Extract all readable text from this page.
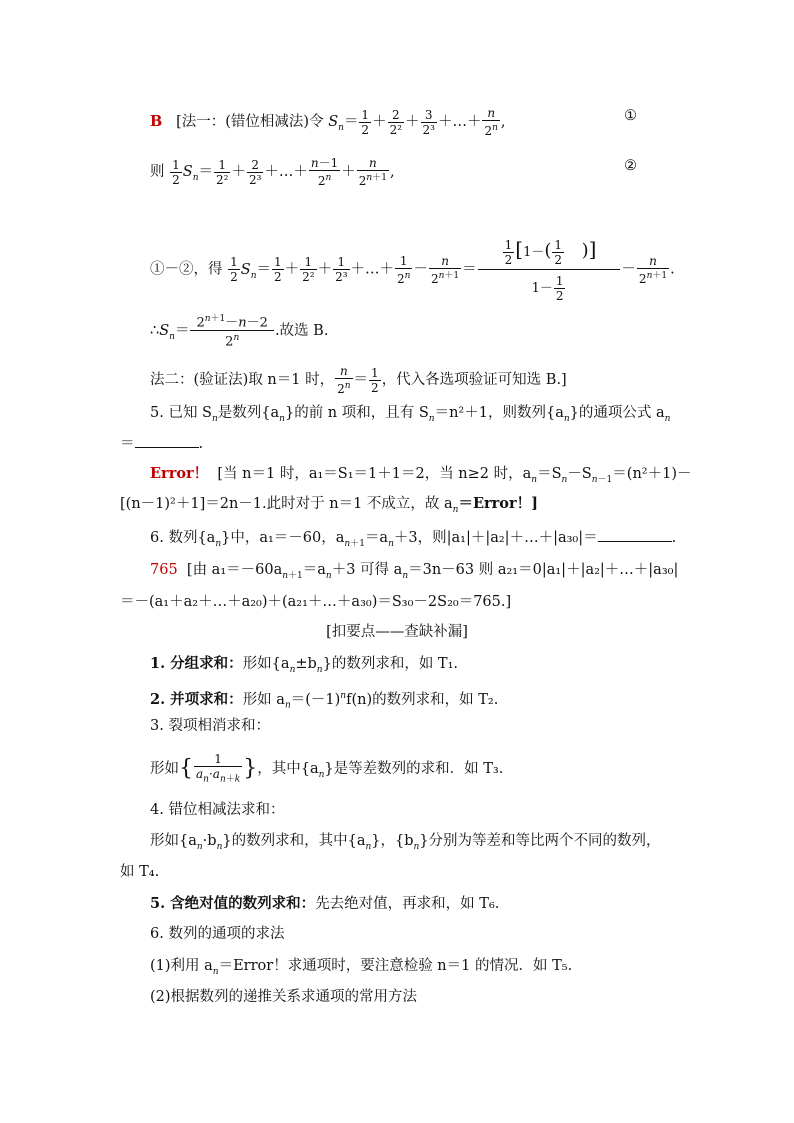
B [法一：(错位相减法)令 $S_n= \frac{1}{2} + \frac{2}{\text{2²}} + \frac{3}{\text{2³}}$ ＋…＋ $\frac{n}{2^n}$ ,	①
则 $\frac{1}{2} S_n= \frac{1}{\text{2²}} + \frac{2}{\text{2³}}$ ＋…＋ $\frac{n-1}{2^n} + \frac{n}{2^{n+1}}$ ,	②
①－②，得 $\frac{1}{2} S_n= \frac{1}{2} + \frac{1}{\text{2²}} + \frac{1}{\text{2³}}$ ＋…＋ $\frac{1}{2^n} - \frac{n}{2^{n+1}} = \frac{\frac{1}{2} [1-( \frac{1}{2} )]}{1- \frac{1}{2}} - \frac{n}{2^{n+1}}$ .
$\therefore S_n= \frac{2^{n+1}-n-2}{2^n}$ .故选 B.
法二：(验证法)取 n＝1 时， $\frac{n}{2^n} = \frac{1}{2}$ ，代入各选项验证可知选 B.]
5. 已知 $S_n$是数列$\{a_n\}$的前 n 项和，且有 $S_n=n^2+1$，则数列$\{a_n\}$的通项公式 $a_n$
＝	.
Error！ [当 n＝1 时，a₁＝S₁＝1＋1＝2，当 n≥2 时，$a_n=S_n-S_{n-1}=(n^2+1)-$
[(n－1)²＋1]＝2n－1.此时对于 n＝1 不成立，故 $a_n=Error$！]
6. 数列$\{a_n\}$中，a₁＝－60，$a_{n+1}=a_n+3$，则|a₁|＋|a₂|＋…＋|a₃₀|＝	.
765 [由 $a_1=-60a_{n+1}=a_n+3$ 可得 $a_n=3n-63$ 则 a₂₁＝0|a₁|＋|a₂|＋…＋|a₃₀|
＝－(a₁＋a₂＋…＋a₂₀)＋(a₂₁＋…＋a₃₀)＝S₃₀－2S₂₀＝765.]
[扣要点——查缺补漏]
1. 分组求和：形如$\{a_n\pm b_n\}$的数列求和，如 T₁.
2. 并项求和：形如 $a_n=(-1)^nf(n)$的数列求和，如 T₂.
3. 裂项相消求和：
形如{ $\frac{1}{a_n\cdot a_{n+k}}$ }，其中$\{a_n\}$是等差数列的求和．如 T₃.
4. 错位相减法求和：
形如$\{a_n\cdot b_n\}$的数列求和，其中$\{a_n\}$，$\{b_n\}$分别为等差和等比两个不同的数列，
如 T₄.
5. 含绝对值的数列求和：先去绝对值，再求和，如 T₆.
6. 数列的通项的求法
(1)利用 $a_n=Error$！求通项时，要注意检验 n＝1 的情况．如 T₅.
(2)根据数列的递推关系求通项的常用方法
